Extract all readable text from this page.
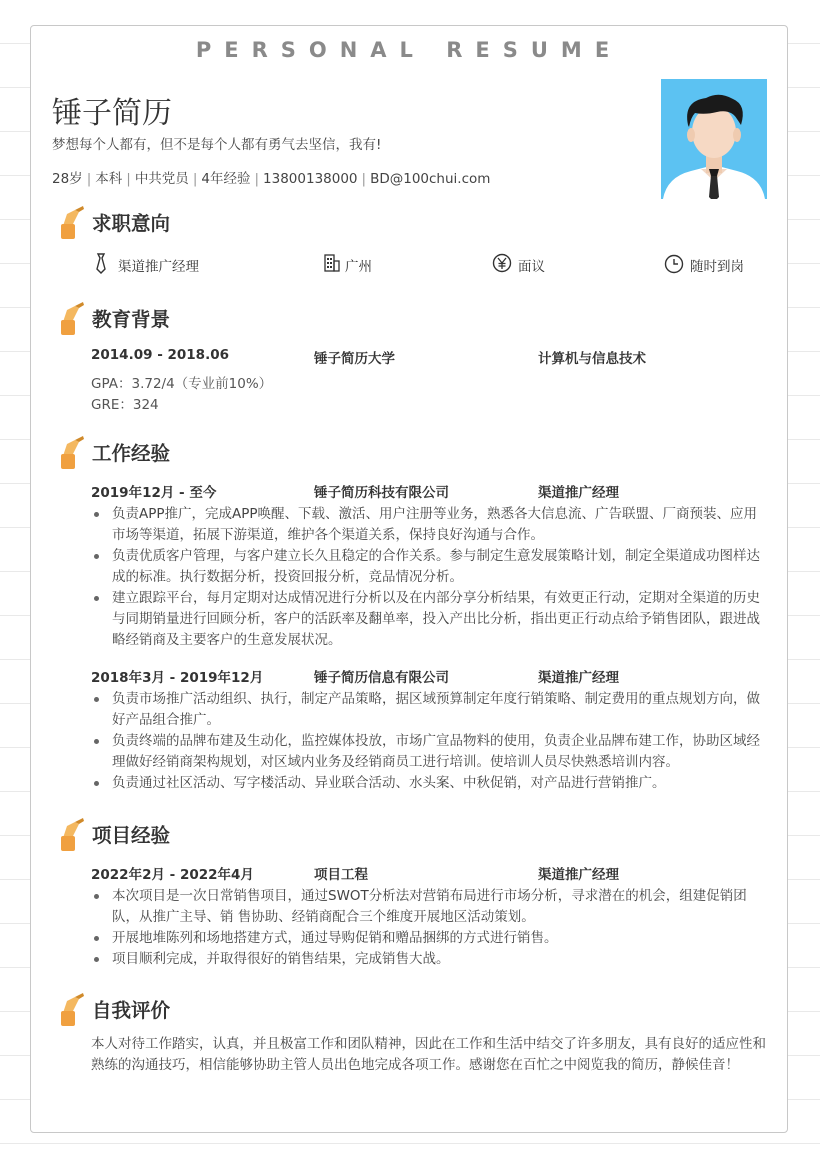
PERSONAL RESUME
锤子简历
梦想每个人都有，但不是每个人都有勇气去坚信，我有!
28岁 | 本科 | 中共党员 | 4年经验 | 13800138000 | BD@100chui.com
求职意向
渠道推广经理	广州	面议	随时到岗
教育背景
2014.09 - 2018.06	锤子简历大学	计算机与信息技术
GPA：3.72/4（专业前10%）
GRE：324
工作经验
2019年12月 - 至今	锤子简历科技有限公司	渠道推广经理
负责APP推广，完成APP唤醒、下载、激活、用户注册等业务，熟悉各大信息流、广告联盟、厂商预装、应用市场等渠道，拓展下游渠道，维护各个渠道关系，保持良好沟通与合作。
负责优质客户管理，与客户建立长久且稳定的合作关系。参与制定生意发展策略计划，制定全渠道成功图样达成的标准。执行数据分析，投资回报分析，竞品情况分析。
建立跟踪平台，每月定期对达成情况进行分析以及在内部分享分析结果，有效更正行动，定期对全渠道的历史与同期销量进行回顾分析，客户的活跃率及翻单率，投入产出比分析，指出更正行动点给予销售团队，跟进战略经销商及主要客户的生意发展状况。
2018年3月 - 2019年12月	锤子简历信息有限公司	渠道推广经理
负责市场推广活动组织、执行，制定产品策略，据区域预算制定年度行销策略、制定费用的重点规划方向，做好产品组合推广。
负责终端的品牌布建及生动化，监控媒体投放，市场广宣品物料的使用，负责企业品牌布建工作，协助区域经理做好经销商架构规划，对区域内业务及经销商员工进行培训。使培训人员尽快熟悉培训内容。
负责通过社区活动、写字楼活动、异业联合活动、水头案、中秋促销，对产品进行营销推广。
项目经验
2022年2月 - 2022年4月	项目工程	渠道推广经理
本次项目是一次日常销售项目，通过SWOT分析法对营销布局进行市场分析，寻求潜在的机会，组建促销团队，从推广主导、销 售协助、经销商配合三个维度开展地区活动策划。
开展地堆陈列和场地搭建方式，通过导购促销和赠品捆绑的方式进行销售。
项目顺利完成，并取得很好的销售结果，完成销售大战。
自我评价
本人对待工作踏实，认真，并且极富工作和团队精神，因此在工作和生活中结交了许多朋友，具有良好的适应性和熟练的沟通技巧，相信能够协助主管人员出色地完成各项工作。感谢您在百忙之中阅览我的简历，静候佳音！
